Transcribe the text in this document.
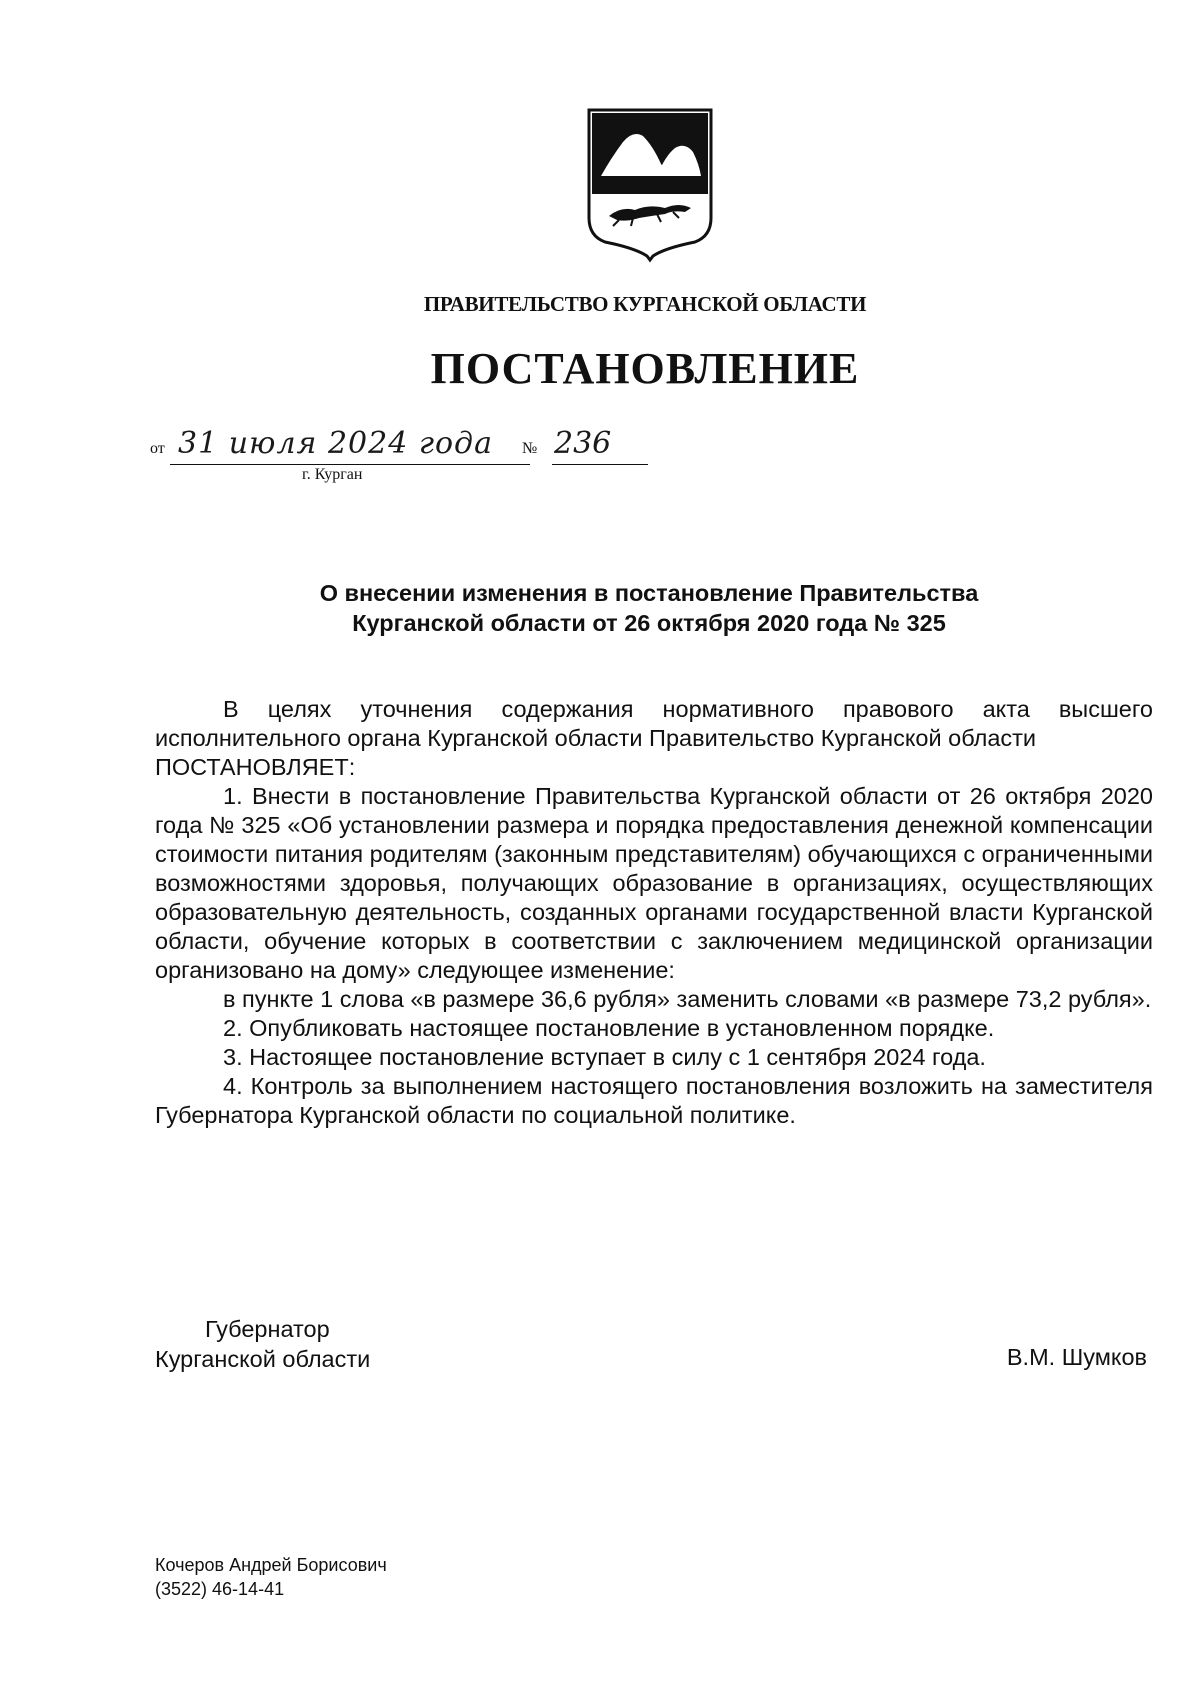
ПРАВИТЕЛЬСТВО КУРГАНСКОЙ ОБЛАСТИ
ПОСТАНОВЛЕНИЕ
от 31 июля 2024 года № 236
г. Курган
О внесении изменения в постановление Правительства
Курганской области от 26 октября 2020 года № 325

В целях уточнения содержания нормативного правового акта высшего исполнительного органа Курганской области Правительство Курганской области

ПОСТАНОВЛЯЕТ:

1. Внести в постановление Правительства Курганской области от 26 октября 2020 года № 325 «Об установлении размера и порядка предоставления денежной компенсации стоимости питания родителям (законным представителям) обучающихся с ограниченными возможностями здоровья, получающих образование в организациях, осуществляющих образовательную деятельность, созданных органами государственной власти Курганской области, обучение которых в соответствии с заключением медицинской организации организовано на дому» следующее изменение:

в пункте 1 слова «в размере 36,6 рубля» заменить словами «в размере 73,2 рубля».

2. Опубликовать настоящее постановление в установленном порядке.

3. Настоящее постановление вступает в силу с 1 сентября 2024 года.

4. Контроль за выполнением настоящего постановления возложить на заместителя Губернатора Курганской области по социальной политике.

Губернатор
Курганской области	В.М. Шумков
Кочеров Андрей Борисович
(3522) 46-14-41
